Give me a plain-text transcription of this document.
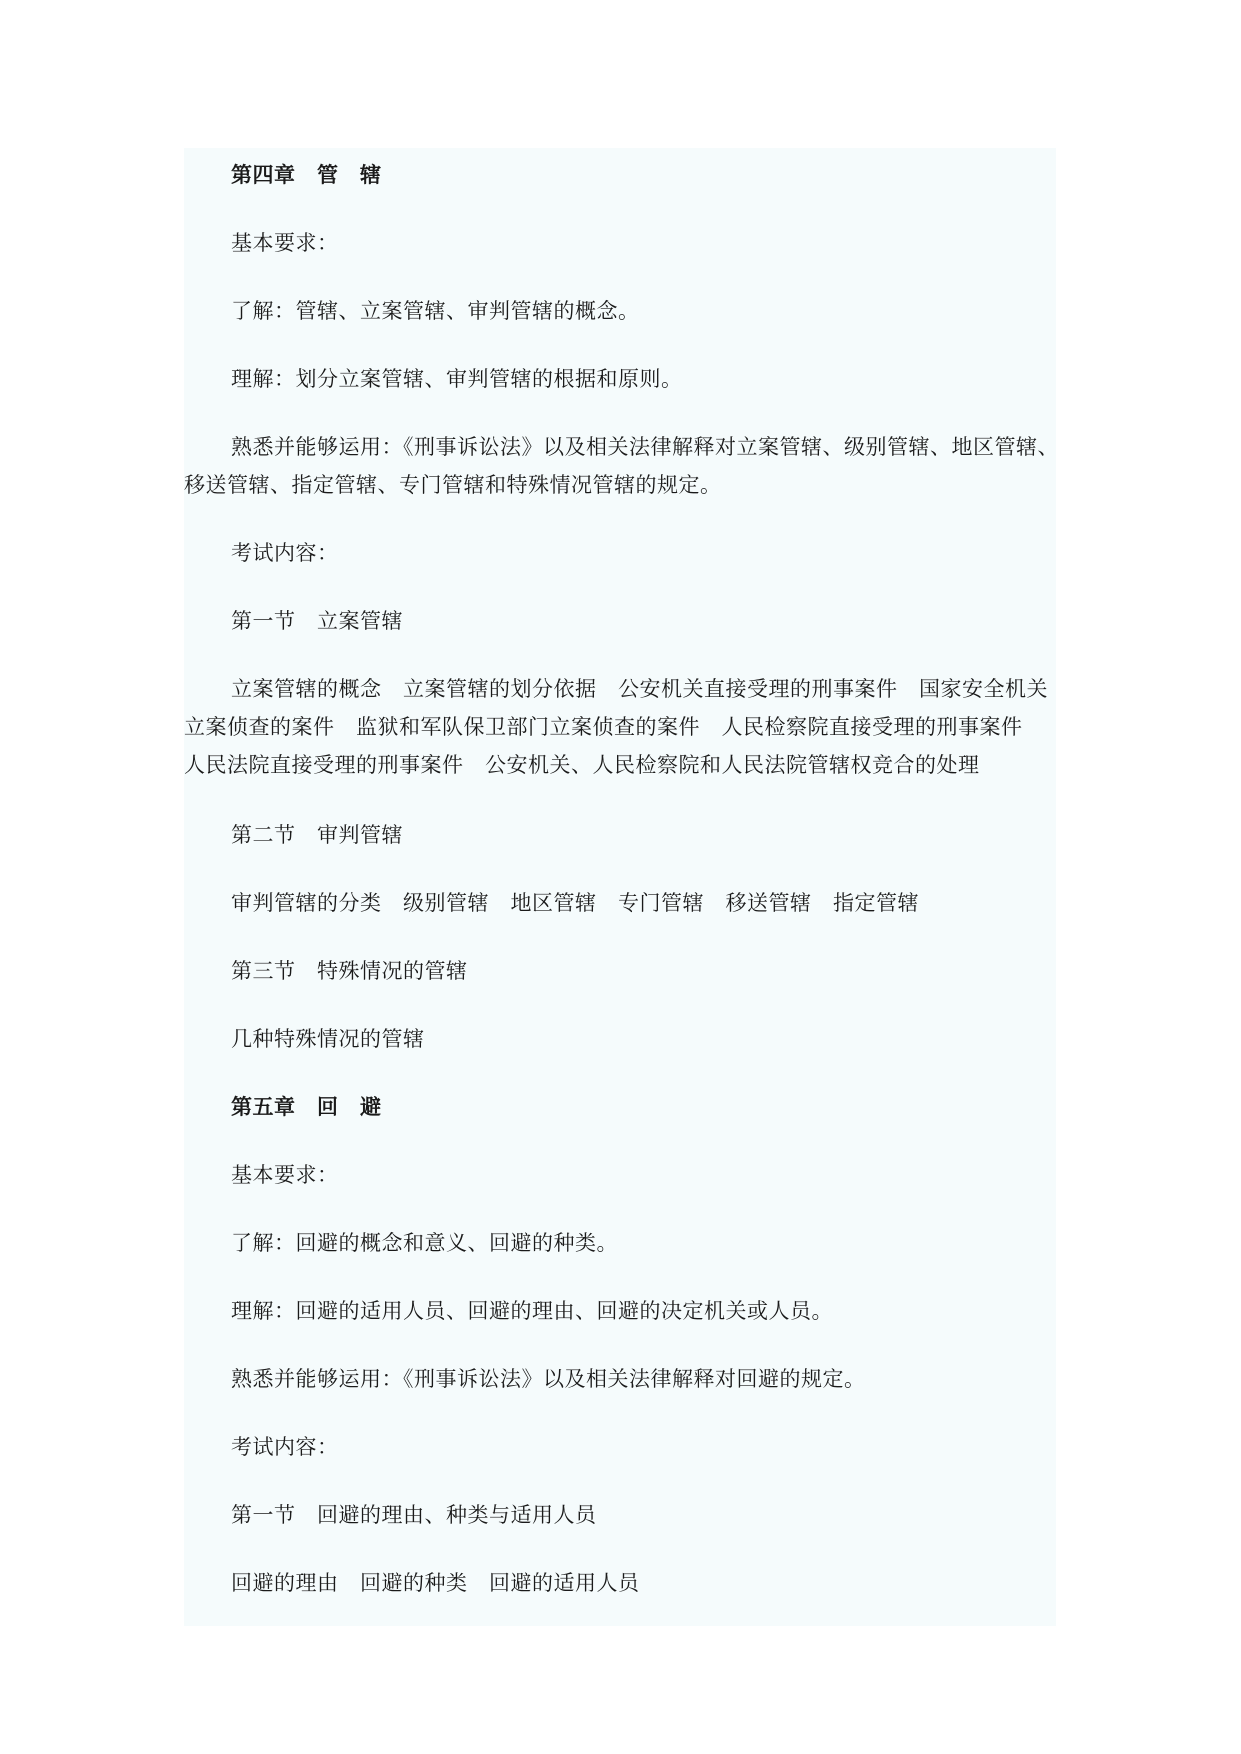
第四章　管　辖

基本要求：

了解：管辖、立案管辖、审判管辖的概念。

理解：划分立案管辖、审判管辖的根据和原则。

熟悉并能够运用：《刑事诉讼法》以及相关法律解释对立案管辖、级别管辖、地区管辖、
移送管辖、指定管辖、专门管辖和特殊情况管辖的规定。

考试内容：

第一节　立案管辖

立案管辖的概念　立案管辖的划分依据　公安机关直接受理的刑事案件　国家安全机关
立案侦查的案件　监狱和军队保卫部门立案侦查的案件　人民检察院直接受理的刑事案件
人民法院直接受理的刑事案件　公安机关、人民检察院和人民法院管辖权竞合的处理

第二节　审判管辖

审判管辖的分类　级别管辖　地区管辖　专门管辖　移送管辖　指定管辖

第三节　特殊情况的管辖

几种特殊情况的管辖

第五章　回　避

基本要求：

了解：回避的概念和意义、回避的种类。

理解：回避的适用人员、回避的理由、回避的决定机关或人员。

熟悉并能够运用：《刑事诉讼法》以及相关法律解释对回避的规定。

考试内容：

第一节　回避的理由、种类与适用人员

回避的理由　回避的种类　回避的适用人员
